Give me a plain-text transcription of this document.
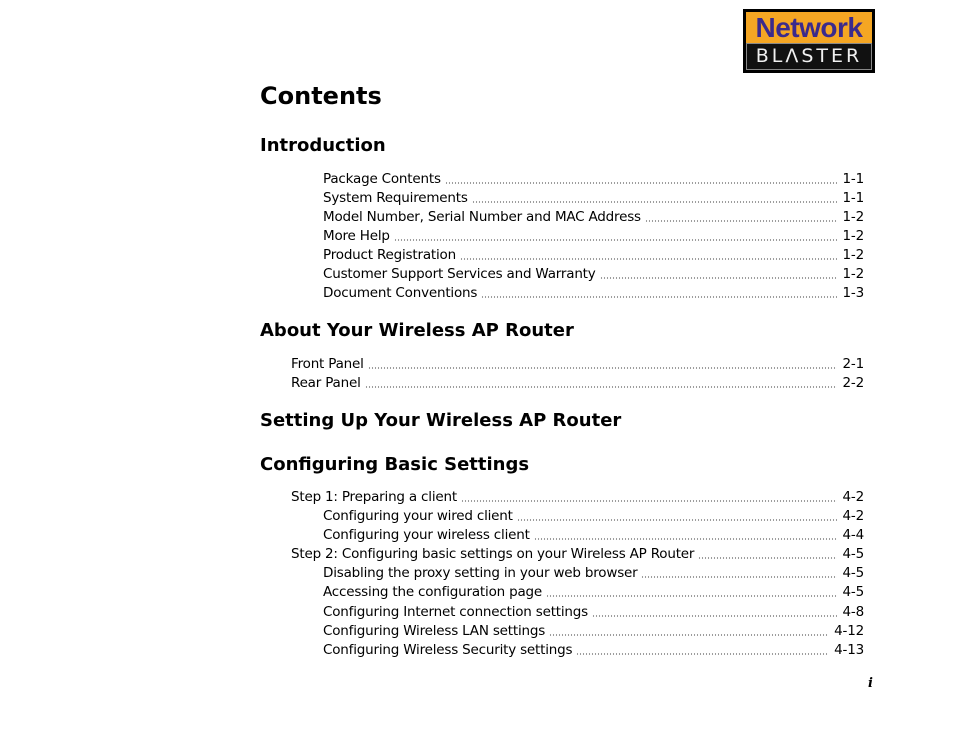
Network
BLΛSTER
Contents
Introduction
Package Contents	1-1
System Requirements	1-1
Model Number, Serial Number and MAC Address	1-2
More Help	1-2
Product Registration	1-2
Customer Support Services and Warranty	1-2
Document Conventions	1-3
About Your Wireless AP Router
Front Panel	2-1
Rear Panel	2-2
Setting Up Your Wireless AP Router
Configuring Basic Settings
Step 1: Preparing a client	4-2
Configuring your wired client	4-2
Configuring your wireless client	4-4
Step 2: Configuring basic settings on your Wireless AP Router	4-5
Disabling the proxy setting in your web browser	4-5
Accessing the configuration page	4-5
Configuring Internet connection settings	4-8
Configuring Wireless LAN settings	4-12
Configuring Wireless Security settings	4-13
i
